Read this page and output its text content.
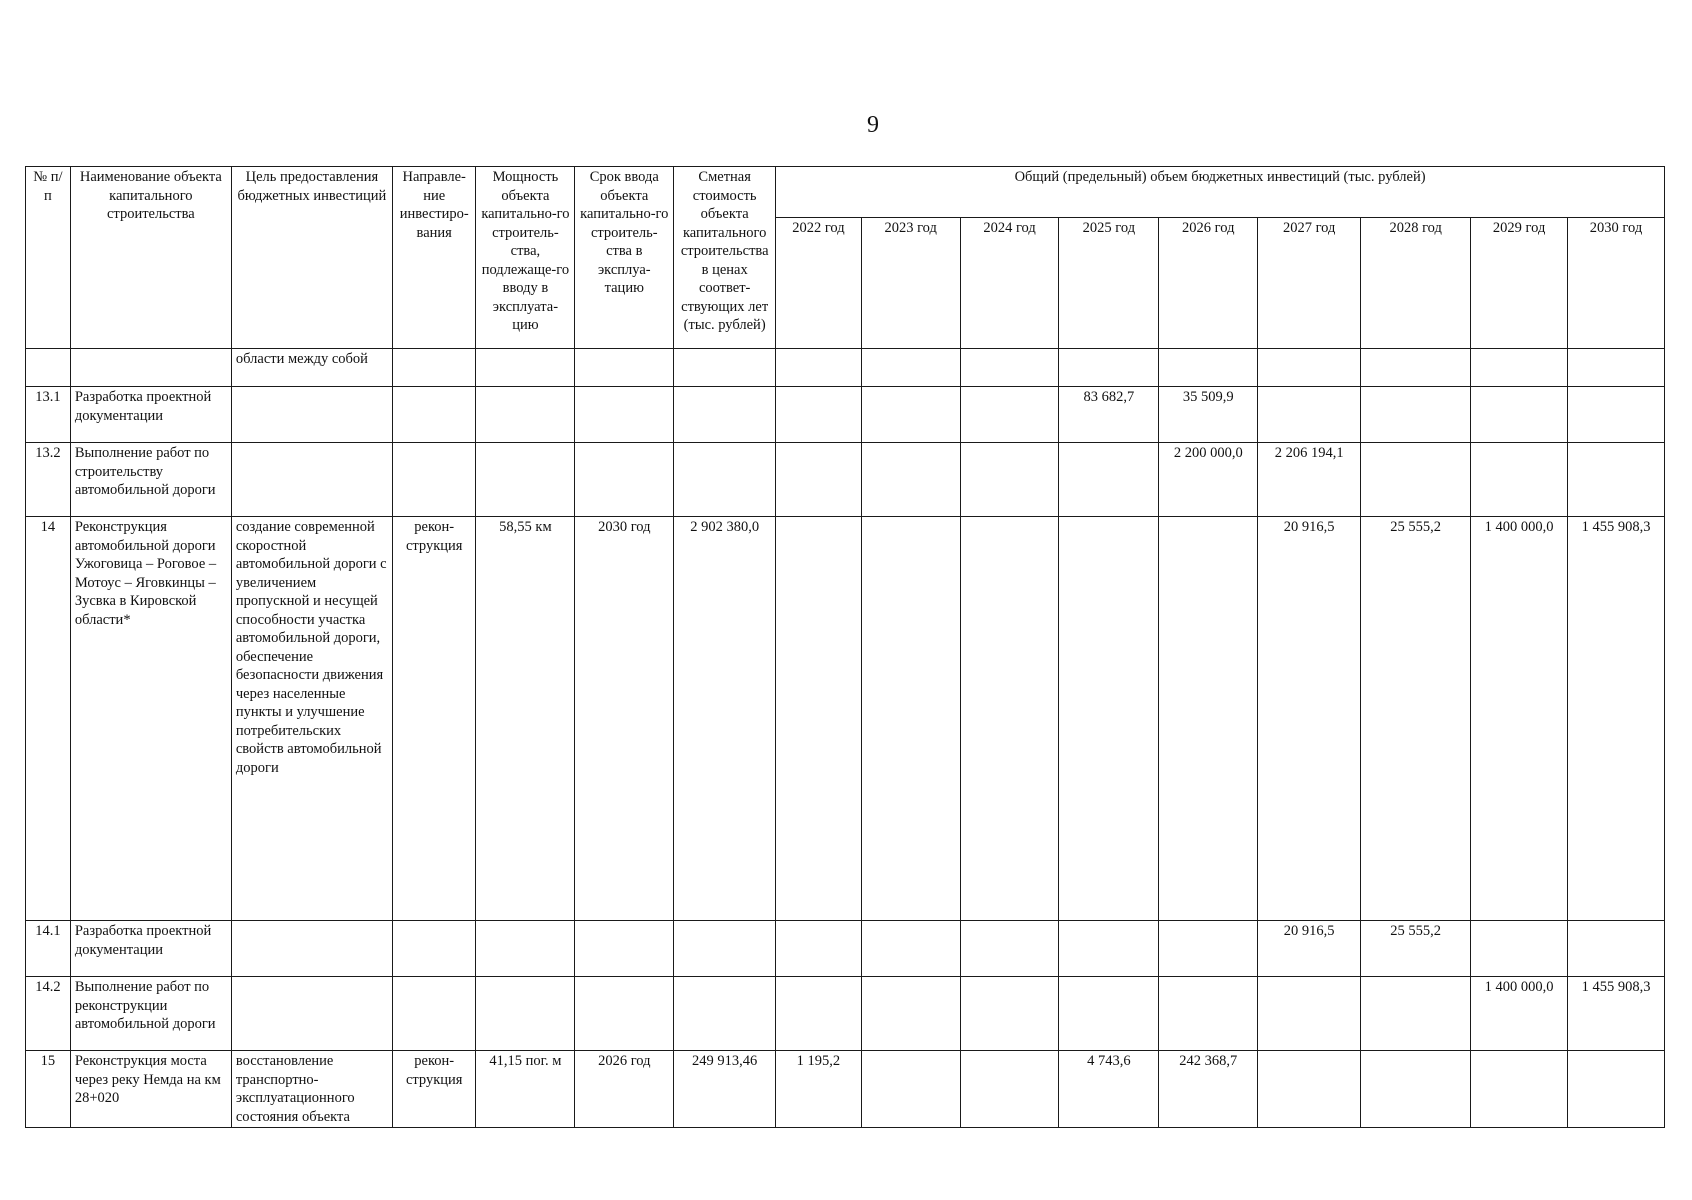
9
№ п/п	Наименование объекта капитального строительства	Цель предоставления бюджетных инвестиций	Направле-ние инвестиро-вания	Мощность объекта капитально-го строитель-ства, подлежаще-го вводу в эксплуата-цию	Срок ввода объекта капитально-го строитель-ства в эксплуа-тацию	Сметная стоимость объекта капитального строительства в ценах соответ-ствующих лет (тыс. рублей)	Общий (предельный) объем бюджетных инвестиций (тыс. рублей)								
							2022 год	2023 год	2024 год	2025 год	2026 год	2027 год	2028 год	2029 год	2030 год
		области между собой													
13.1	Разработка проектной документации									83 682,7	35 509,9				
13.2	Выполнение работ по строительству автомобильной дороги										2 200 000,0	2 206 194,1			
14	Реконструкция автомобильной дороги Ужоговица – Роговое – Мотоус – Яговкинцы – Зусвка в Кировской области*	создание современной скоростной автомобильной дороги с увеличением пропускной и несущей способности участка автомобильной дороги, обеспечение безопасности движения через населенные пункты и улучшение потребительских свойств автомобильной дороги	рекон-струкция	58,55 км	2030 год	2 902 380,0						20 916,5	25 555,2	1 400 000,0	1 455 908,3
14.1	Разработка проектной документации											20 916,5	25 555,2		
14.2	Выполнение работ по реконструкции автомобильной дороги													1 400 000,0	1 455 908,3
15	Реконструкция моста через реку Немда на км 28+020	восстановление транспортно-эксплуатационного состояния объекта	рекон-струкция	41,15 пог. м	2026 год	249 913,46	1 195,2			4 743,6	242 368,7				
